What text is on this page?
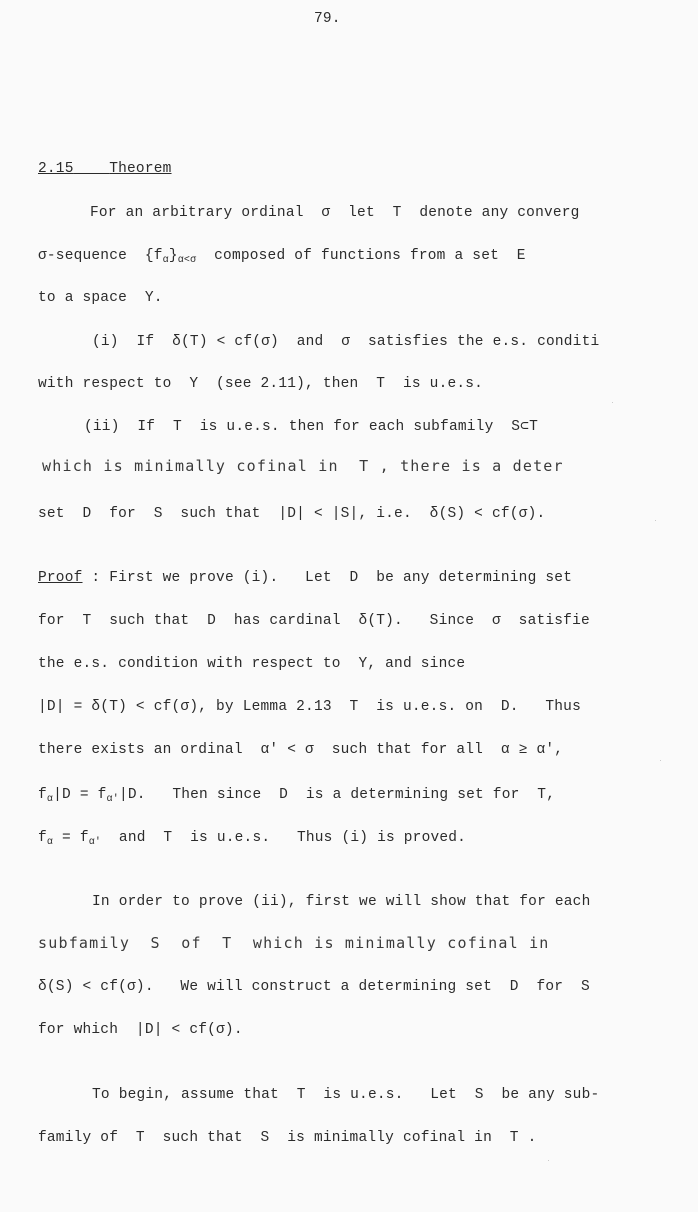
79.
2.15 Theorem
For an arbitrary ordinal  σ  let  T  denote any converg
σ-sequence  $\{f_\alpha\}_{\alpha<\sigma}$  composed of functions from a set  E
to a space  Y.
(i)  If  δ(T) < cf(σ)  and  σ  satisfies the e.s. conditi
with respect to  Y  (see 2.11), then  T  is u.e.s.
(ii)  If  T  is u.e.s. then for each subfamily  S⊂T
which is minimally cofinal in  T , there is a deter
set  D  for  S  such that  |D| < |S|, i.e.  δ(S) < cf(σ).
Proof : First we prove (i).   Let  D  be any determining set
for  T  such that  D  has cardinal  δ(T).   Since  σ  satisfie
the e.s. condition with respect to  Y, and since
|D| = δ(T) < cf(σ), by Lemma 2.13  T  is u.e.s. on  D.   Thus
there exists an ordinal  α' < σ  such that for all  α ≥ α',
$f_\alpha|D = f_{\alpha'}|D$.   Then since  D  is a determining set for  T,
$f_\alpha = f_{\alpha'}$  and  T  is u.e.s.   Thus (i) is proved.
In order to prove (ii), first we will show that for each
subfamily  S  of  T  which is minimally cofinal in
δ(S) < cf(σ).   We will construct a determining set  D  for  S
for which  |D| < cf(σ).
To begin, assume that  T  is u.e.s.   Let  S  be any sub-
family of  T  such that  S  is minimally cofinal in  T .
